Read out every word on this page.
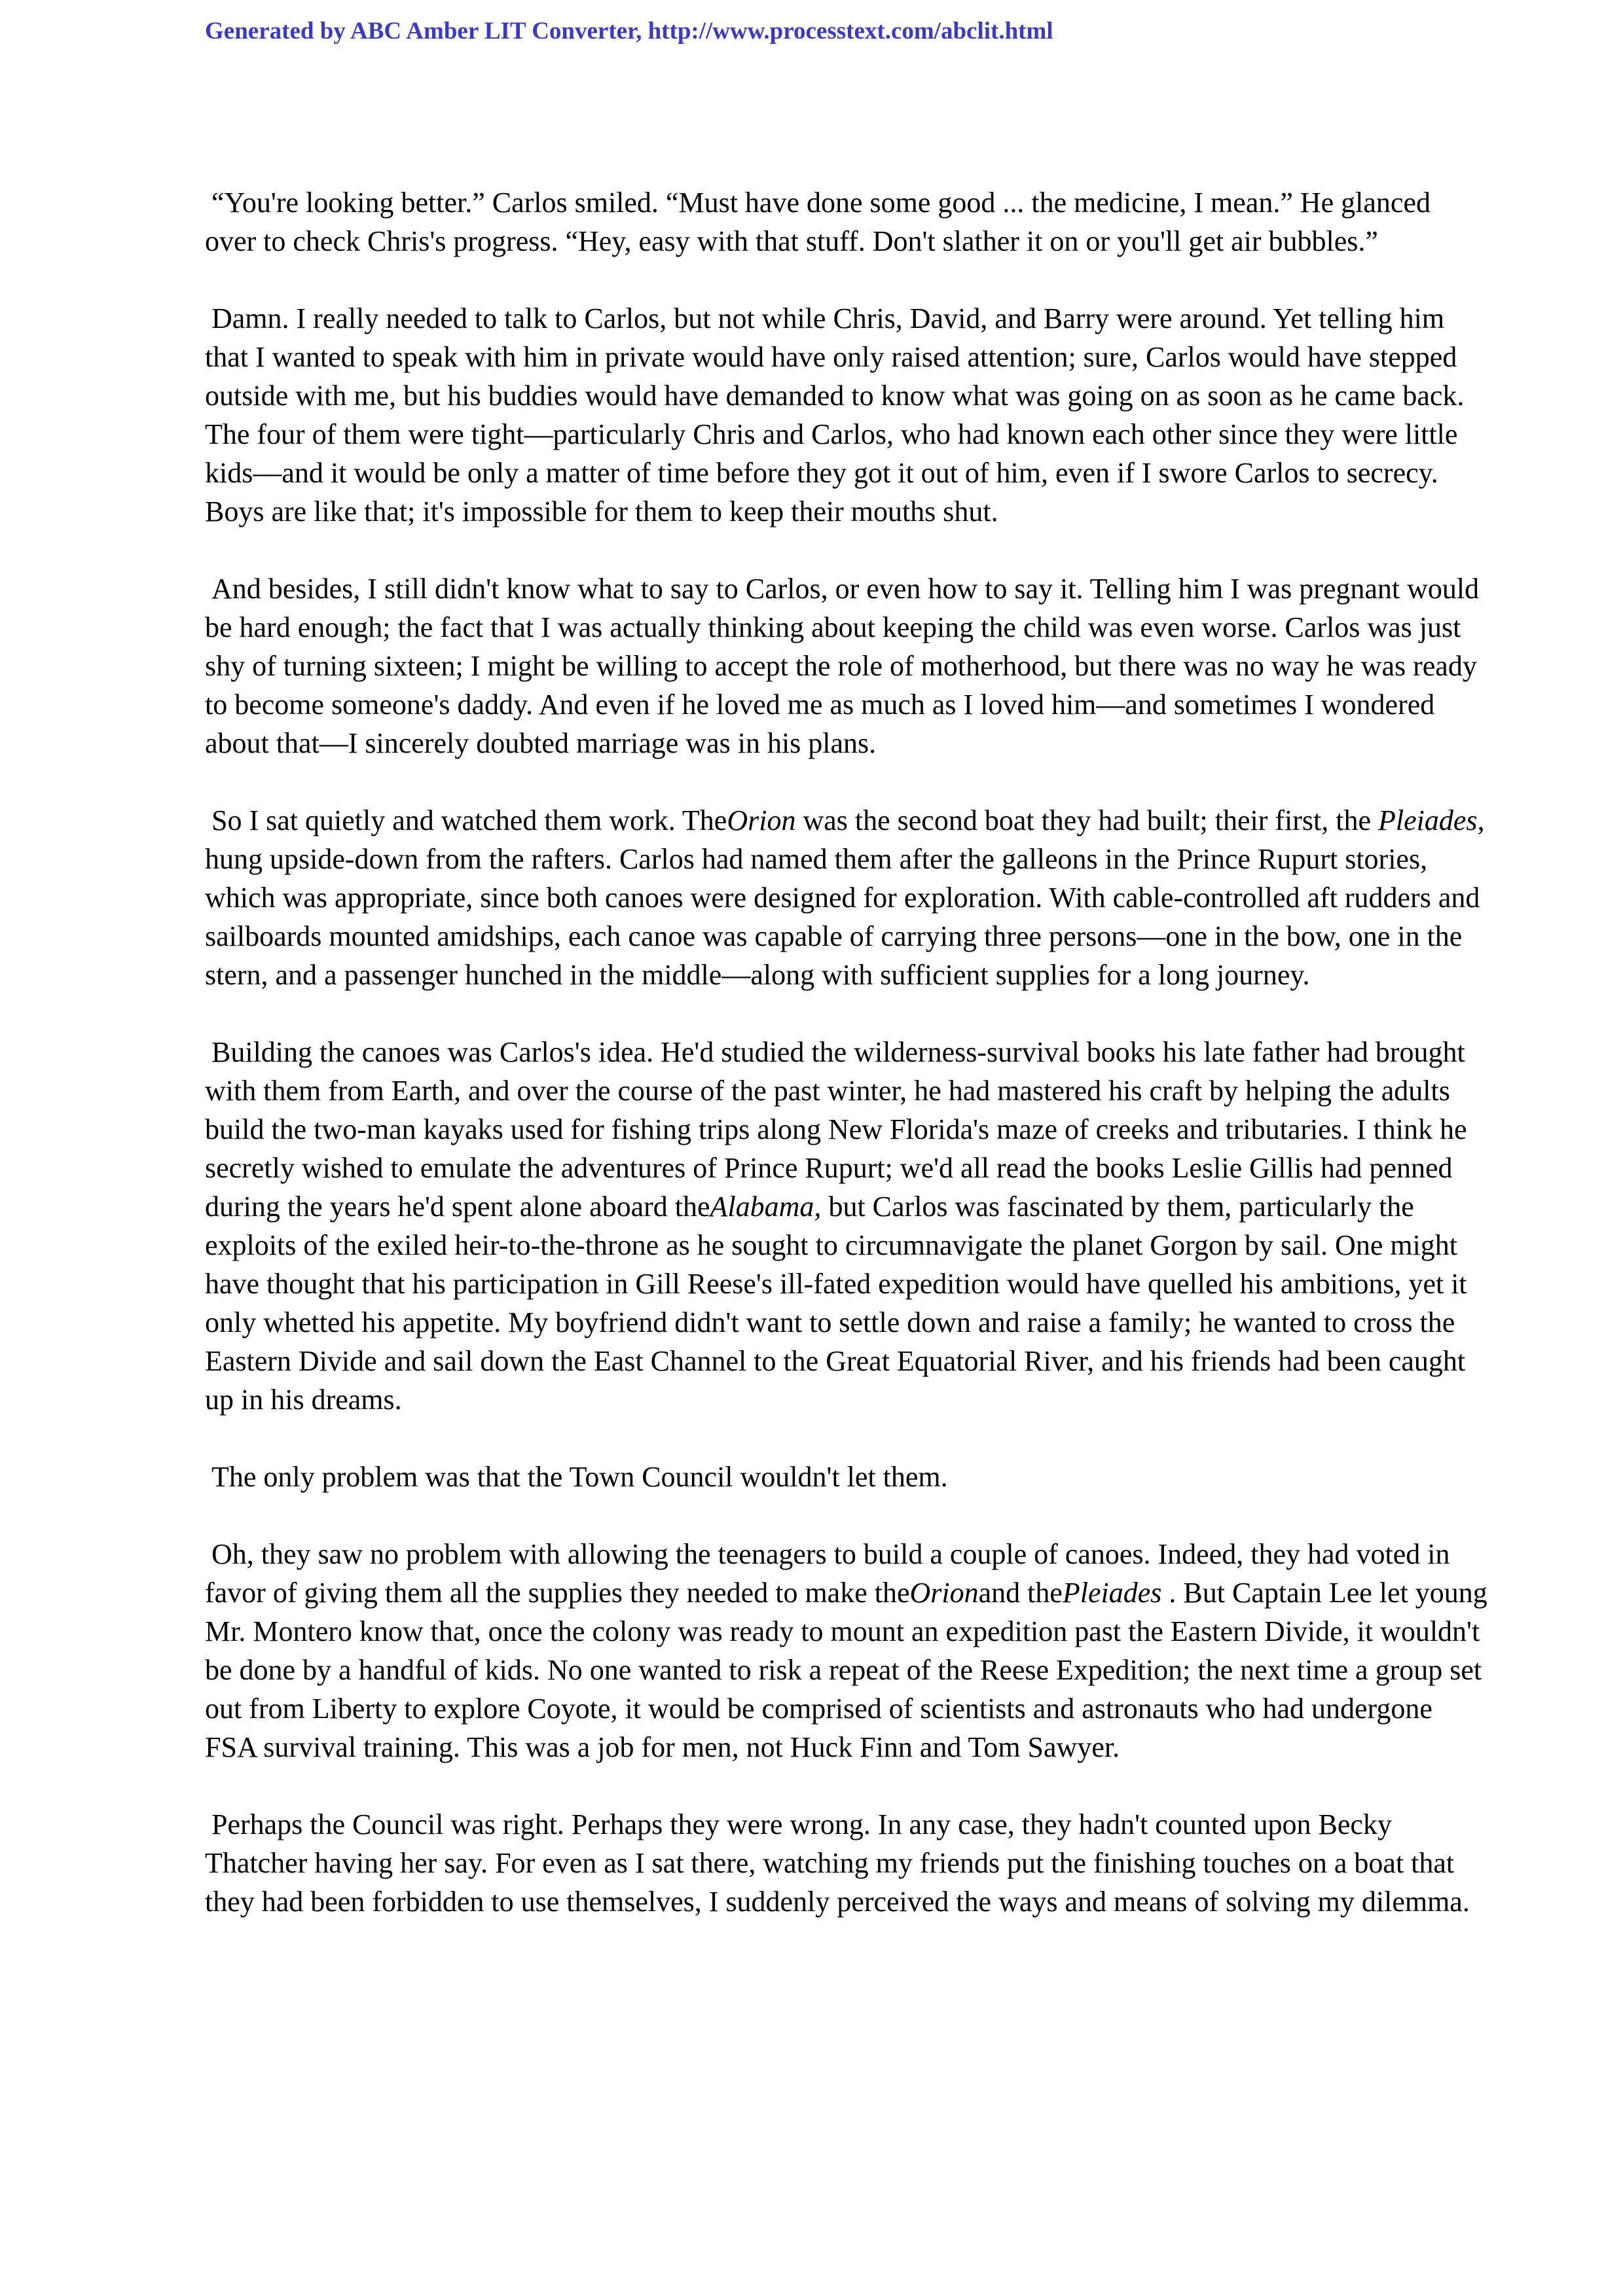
Generated by ABC Amber LIT Converter, http://www.processtext.com/abclit.html

“You're looking better.” Carlos smiled. “Must have done some good ... the medicine, I mean.” He glanced over to check Chris's progress. “Hey, easy with that stuff. Don't slather it on or you'll get air bubbles.”

Damn. I really needed to talk to Carlos, but not while Chris, David, and Barry were around. Yet telling him that I wanted to speak with him in private would have only raised attention; sure, Carlos would have stepped outside with me, but his buddies would have demanded to know what was going on as soon as he came back. The four of them were tight—particularly Chris and Carlos, who had known each other since they were little kids—and it would be only a matter of time before they got it out of him, even if I swore Carlos to secrecy. Boys are like that; it's impossible for them to keep their mouths shut.

And besides, I still didn't know what to say to Carlos, or even how to say it. Telling him I was pregnant would be hard enough; the fact that I was actually thinking about keeping the child was even worse. Carlos was just shy of turning sixteen; I might be willing to accept the role of motherhood, but there was no way he was ready to become someone's daddy. And even if he loved me as much as I loved him—and sometimes I wondered about that—I sincerely doubted marriage was in his plans.

So I sat quietly and watched them work. TheOrion was the second boat they had built; their first, the Pleiades, hung upside-down from the rafters. Carlos had named them after the galleons in the Prince Rupurt stories, which was appropriate, since both canoes were designed for exploration. With cable-controlled aft rudders and sailboards mounted amidships, each canoe was capable of carrying three persons—one in the bow, one in the stern, and a passenger hunched in the middle—along with sufficient supplies for a long journey.

Building the canoes was Carlos's idea. He'd studied the wilderness-survival books his late father had brought with them from Earth, and over the course of the past winter, he had mastered his craft by helping the adults build the two-man kayaks used for fishing trips along New Florida's maze of creeks and tributaries. I think he secretly wished to emulate the adventures of Prince Rupurt; we'd all read the books Leslie Gillis had penned during the years he'd spent alone aboard theAlabama, but Carlos was fascinated by them, particularly the exploits of the exiled heir-to-the-throne as he sought to circumnavigate the planet Gorgon by sail. One might have thought that his participation in Gill Reese's ill-fated expedition would have quelled his ambitions, yet it only whetted his appetite. My boyfriend didn't want to settle down and raise a family; he wanted to cross the Eastern Divide and sail down the East Channel to the Great Equatorial River, and his friends had been caught up in his dreams.

The only problem was that the Town Council wouldn't let them.

Oh, they saw no problem with allowing the teenagers to build a couple of canoes. Indeed, they had voted in favor of giving them all the supplies they needed to make theOrionand thePleiades . But Captain Lee let young Mr. Montero know that, once the colony was ready to mount an expedition past the Eastern Divide, it wouldn't be done by a handful of kids. No one wanted to risk a repeat of the Reese Expedition; the next time a group set out from Liberty to explore Coyote, it would be comprised of scientists and astronauts who had undergone FSA survival training. This was a job for men, not Huck Finn and Tom Sawyer.

Perhaps the Council was right. Perhaps they were wrong. In any case, they hadn't counted upon Becky Thatcher having her say. For even as I sat there, watching my friends put the finishing touches on a boat that they had been forbidden to use themselves, I suddenly perceived the ways and means of solving my dilemma.
